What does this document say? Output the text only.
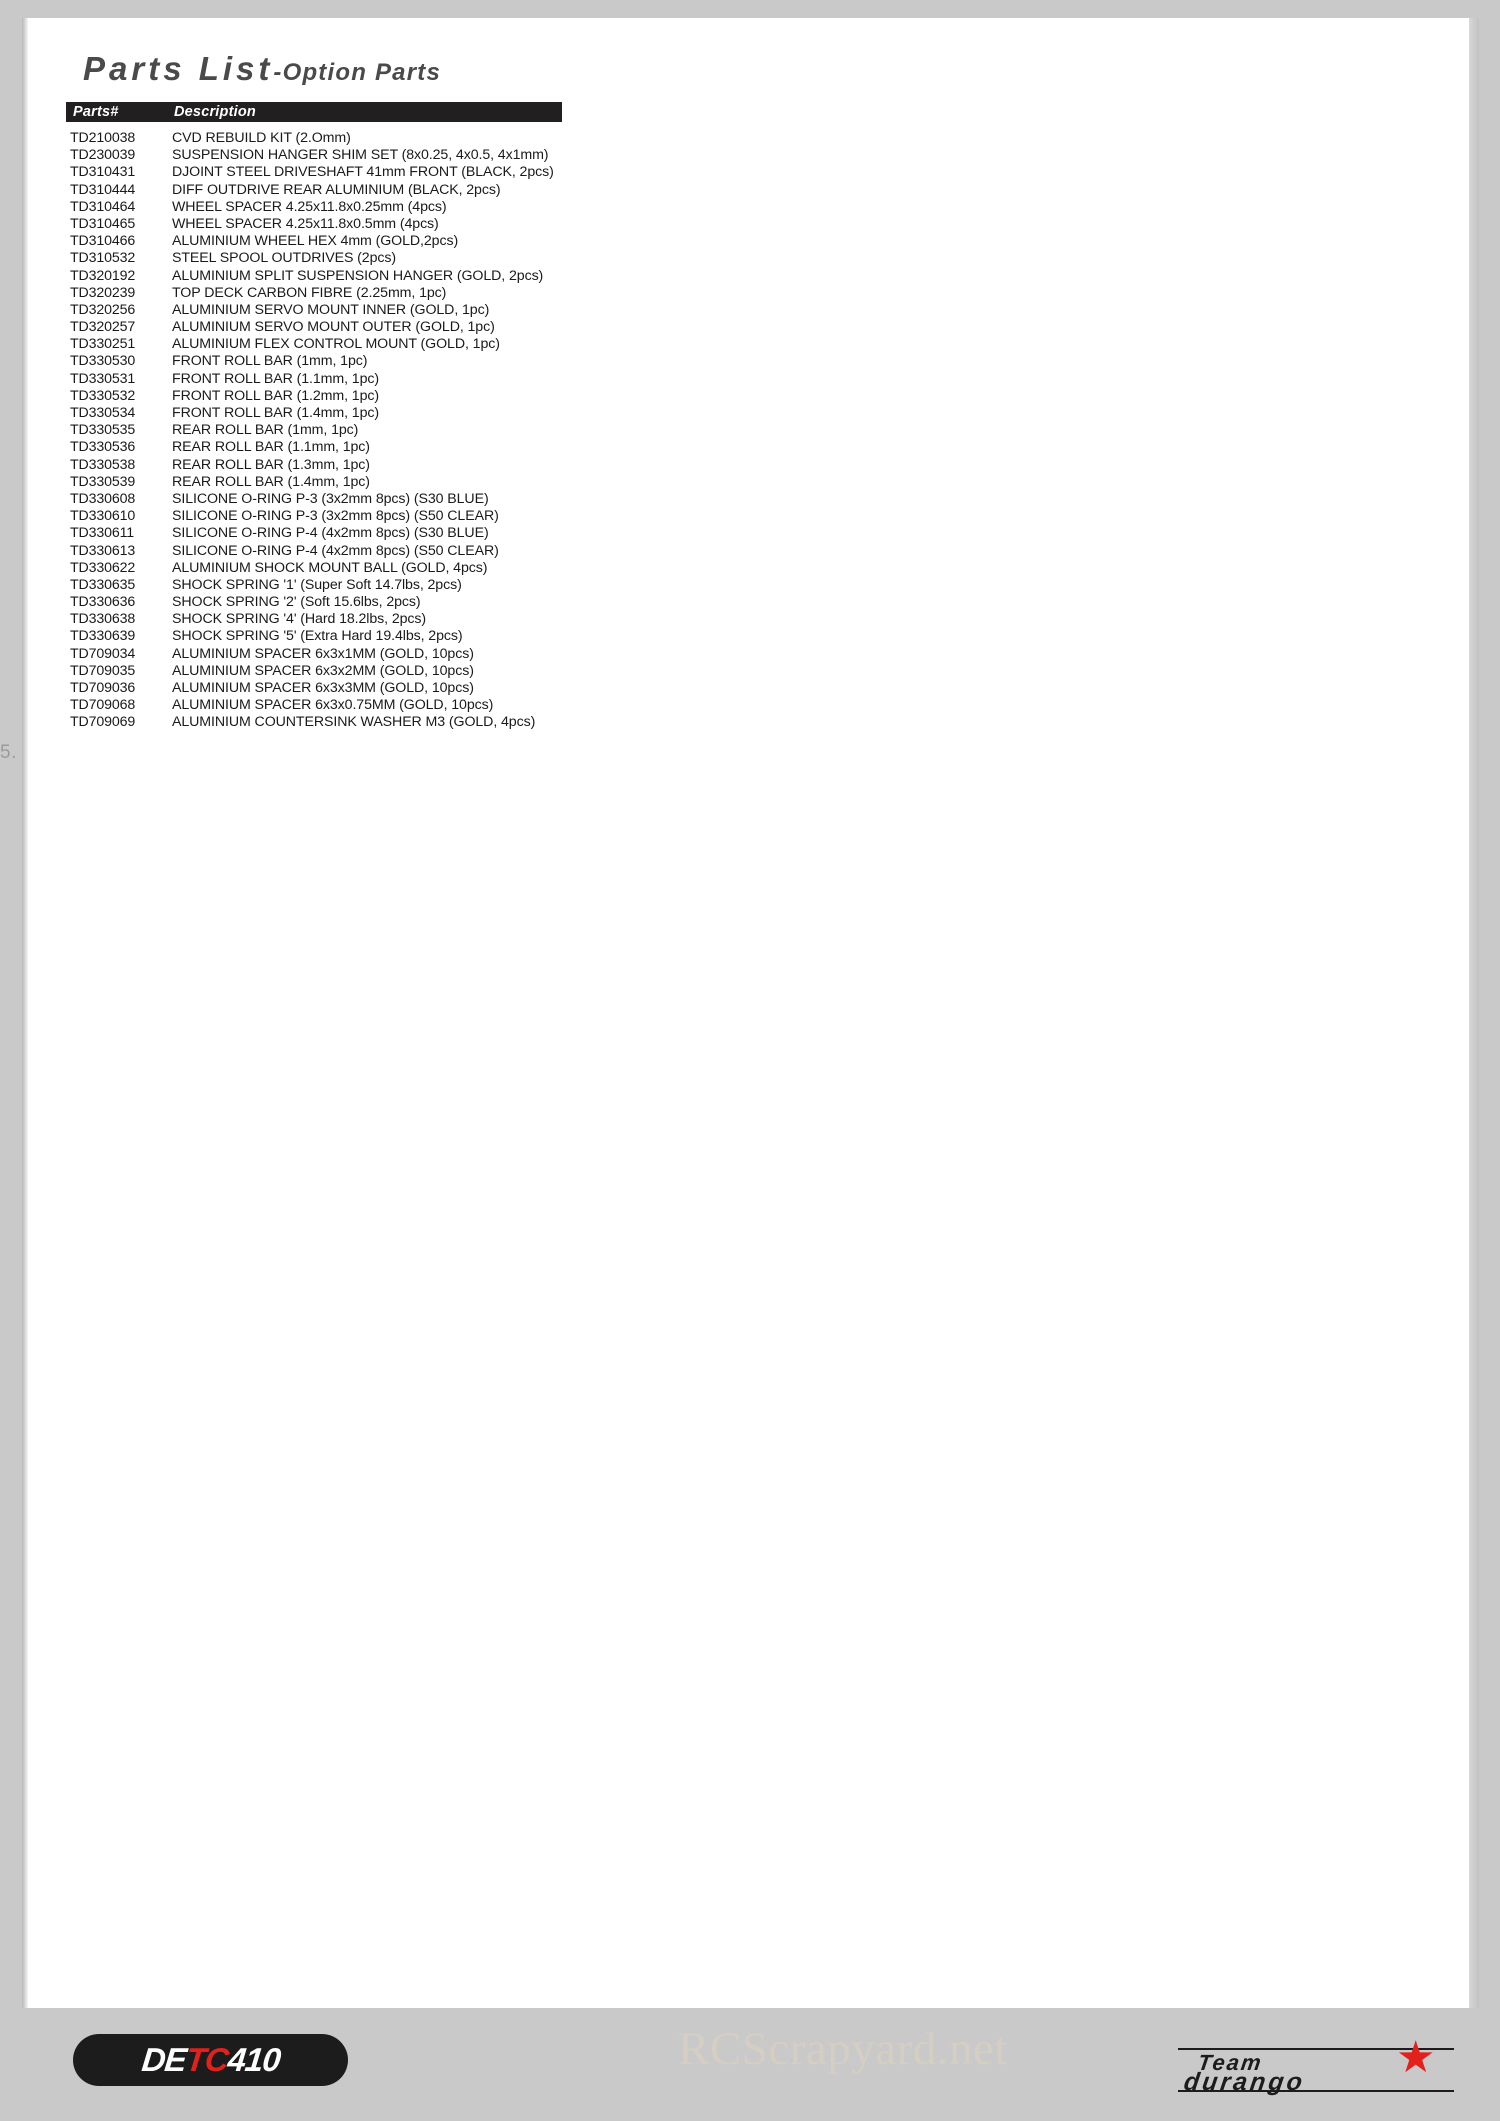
Parts List-Option Parts
Parts#	Description
TD210038	CVD REBUILD KIT (2.Omm)
TD230039	SUSPENSION HANGER SHIM SET (8x0.25, 4x0.5, 4x1mm)
TD310431	DJOINT STEEL DRIVESHAFT 41mm FRONT (BLACK, 2pcs)
TD310444	DIFF OUTDRIVE REAR ALUMINIUM (BLACK, 2pcs)
TD310464	WHEEL SPACER 4.25x11.8x0.25mm (4pcs)
TD310465	WHEEL SPACER 4.25x11.8x0.5mm (4pcs)
TD310466	ALUMINIUM WHEEL HEX 4mm (GOLD,2pcs)
TD310532	STEEL SPOOL OUTDRIVES (2pcs)
TD320192	ALUMINIUM SPLIT SUSPENSION HANGER (GOLD, 2pcs)
TD320239	TOP DECK CARBON FIBRE (2.25mm, 1pc)
TD320256	ALUMINIUM SERVO MOUNT INNER (GOLD, 1pc)
TD320257	ALUMINIUM SERVO MOUNT OUTER (GOLD, 1pc)
TD330251	ALUMINIUM FLEX CONTROL MOUNT (GOLD, 1pc)
TD330530	FRONT ROLL BAR (1mm, 1pc)
TD330531	FRONT ROLL BAR (1.1mm, 1pc)
TD330532	FRONT ROLL BAR (1.2mm, 1pc)
TD330534	FRONT ROLL BAR (1.4mm, 1pc)
TD330535	REAR ROLL BAR (1mm, 1pc)
TD330536	REAR ROLL BAR (1.1mm, 1pc)
TD330538	REAR ROLL BAR (1.3mm, 1pc)
TD330539	REAR ROLL BAR (1.4mm, 1pc)
TD330608	SILICONE O-RING P-3 (3x2mm 8pcs) (S30 BLUE)
TD330610	SILICONE O-RING P-3 (3x2mm 8pcs) (S50 CLEAR)
TD330611	SILICONE O-RING P-4 (4x2mm 8pcs) (S30 BLUE)
TD330613	SILICONE O-RING P-4 (4x2mm 8pcs) (S50 CLEAR)
TD330622	ALUMINIUM SHOCK MOUNT BALL (GOLD, 4pcs)
TD330635	SHOCK SPRING '1' (Super Soft 14.7lbs, 2pcs)
TD330636	SHOCK SPRING '2' (Soft 15.6lbs, 2pcs)
TD330638	SHOCK SPRING '4' (Hard 18.2lbs, 2pcs)
TD330639	SHOCK SPRING '5' (Extra Hard 19.4lbs, 2pcs)
TD709034	ALUMINIUM SPACER 6x3x1MM (GOLD, 10pcs)
TD709035	ALUMINIUM SPACER 6x3x2MM (GOLD, 10pcs)
TD709036	ALUMINIUM SPACER 6x3x3MM (GOLD, 10pcs)
TD709068	ALUMINIUM SPACER 6x3x0.75MM (GOLD, 10pcs)
TD709069	ALUMINIUM COUNTERSINK WASHER M3 (GOLD, 4pcs)
5.
DETC410	RCScrapyard.net	Team
durango ★
